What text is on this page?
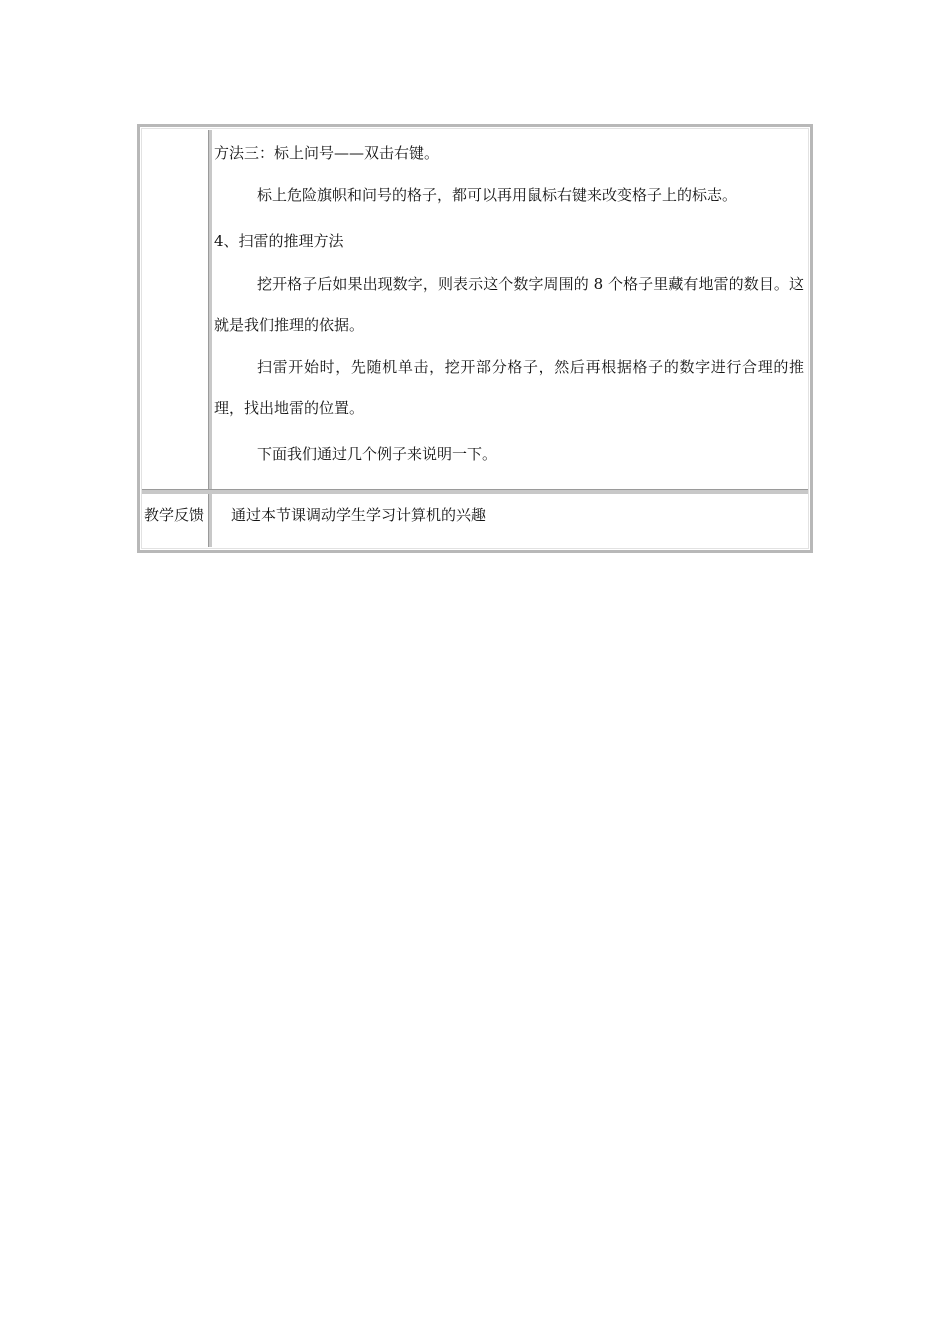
方法三：标上问号——双击右键。

标上危险旗帜和问号的格子，都可以再用鼠标右键来改变格子上的标志。

4、扫雷的推理方法

挖开格子后如果出现数字，则表示这个数字周围的 8 个格子里藏有地雷的数目。这就是我们推理的依据。

扫雷开始时，先随机单击，挖开部分格子，然后再根据格子的数字进行合理的推理，找出地雷的位置。

下面我们通过几个例子来说明一下。

教学反馈 通过本节课调动学生学习计算机的兴趣
